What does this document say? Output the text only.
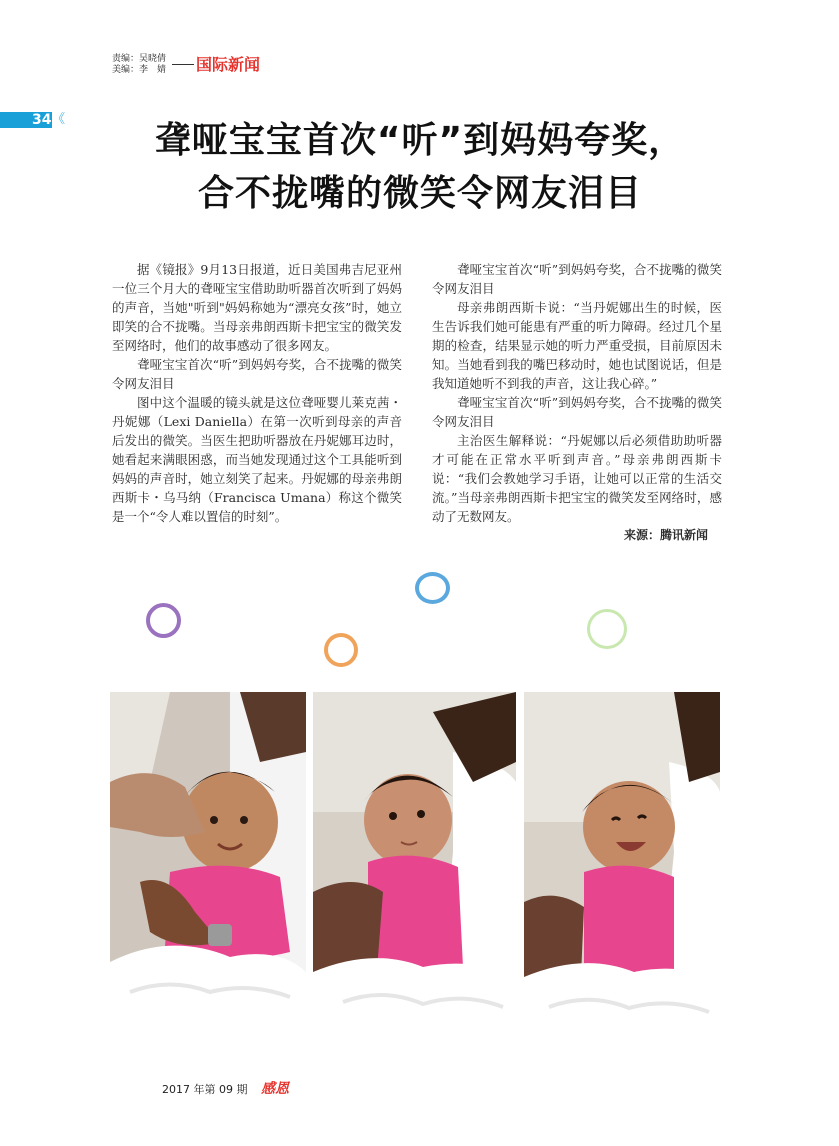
责编：吴晓倩
美编：李　婧 国际新闻
34 《
聋哑宝宝首次“听”到妈妈夸奖，
合不拢嘴的微笑令网友泪目

据《镜报》9月13日报道，近日美国弗吉尼亚州一位三个月大的聋哑宝宝借助助听器首次听到了妈妈的声音，当她"听到"妈妈称她为“漂亮女孩”时，她立即笑的合不拢嘴。当母亲弗朗西斯卡把宝宝的微笑发至网络时，他们的故事感动了很多网友。

聋哑宝宝首次“听”到妈妈夸奖，合不拢嘴的微笑令网友泪目

图中这个温暖的镜头就是这位聋哑婴儿莱克茜・丹妮娜（Lexi Daniella）在第一次听到母亲的声音后发出的微笑。当医生把助听器放在丹妮娜耳边时，她看起来满眼困惑，而当她发现通过这个工具能听到妈妈的声音时，她立刻笑了起来。丹妮娜的母亲弗朗西斯卡・乌马纳（Francisca Umana）称这个微笑是一个“令人难以置信的时刻”。

聋哑宝宝首次“听”到妈妈夸奖，合不拢嘴的微笑令网友泪目

母亲弗朗西斯卡说：“当丹妮娜出生的时候，医生告诉我们她可能患有严重的听力障碍。经过几个星期的检查，结果显示她的听力严重受损，目前原因未知。当她看到我的嘴巴移动时，她也试图说话，但是我知道她听不到我的声音，这让我心碎。”

聋哑宝宝首次“听”到妈妈夸奖，合不拢嘴的微笑令网友泪目

主治医生解释说：“丹妮娜以后必须借助助听器才可能在正常水平听到声音。”母亲弗朗西斯卡说：“我们会教她学习手语，让她可以正常的生活交流。”当母亲弗朗西斯卡把宝宝的微笑发至网络时，感动了无数网友。

来源：腾讯新闻
2017 年第 09 期 感恩
